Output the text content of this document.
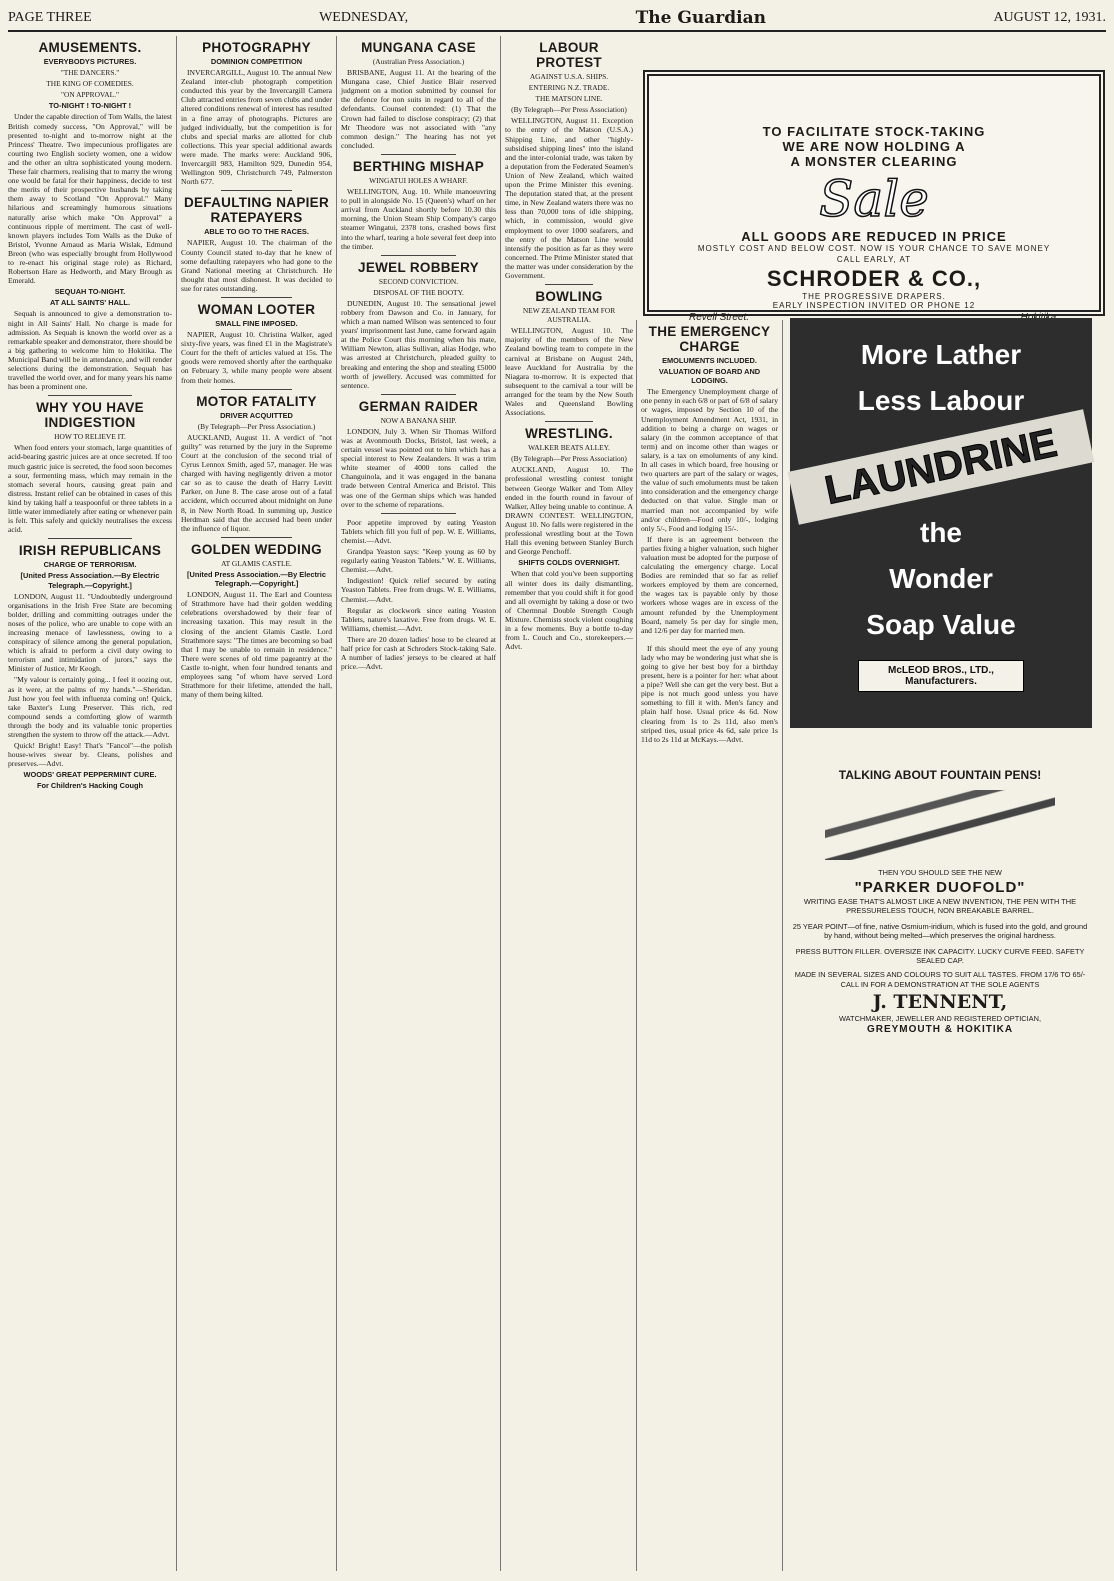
PAGE THREE	WEDNESDAY,	The Guardian	AUGUST 12, 1931.
AMUSEMENTS.
EVERYBODYS PICTURES.
"THE DANCERS."
THE KING OF COMEDIES.
"ON APPROVAL."
TO-NIGHT ! TO-NIGHT !

Under the capable direction of Tom Walls, the latest British comedy success, "On Approval," will be presented to-night and to-morrow night at the Princess' Theatre. Two impecunious profligates are courting two English society women, one a widow and the other an ultra sophisticated young modern. These fair charmers, realising that to marry the wrong one would be fatal for their happiness, decide to test the merits of their prospective husbands by taking them away to Scotland "On Approval." Many hilarious and screamingly humorous situations naturally arise which make "On Approval" a continuous ripple of merriment. The cast of well-known players includes Tom Walls as the Duke of Bristol, Yvonne Arnaud as Maria Wislak, Edmund Breon (who was especially brought from Hollywood to re-enact his original stage role) as Richard, Robertson Hare as Hedworth, and Mary Brough as Emerald.

SEQUAH TO-NIGHT.
AT ALL SAINTS' HALL.

Sequah is announced to give a demonstration to-night in All Saints' Hall. No charge is made for admission. As Sequah is known the world over as a remarkable speaker and demonstrator, there should be a big gathering to welcome him to Hokitika. The Municipal Band will be in attendance, and will render selections during the demonstration. Sequah has travelled the world over, and for many years his name has been a prominent one.

WHY YOU HAVE INDIGESTION
HOW TO RELIEVE IT.

When food enters your stomach, large quantities of acid-bearing gastric juices are at once secreted. If too much gastric juice is secreted, the food soon becomes a sour, fermenting mass, which may remain in the stomach several hours, causing great pain and distress. Instant relief can be obtained in cases of this kind by taking half a teaspoonful or three tablets in a little water immediately after eating or whenever pain is felt. This safely and quickly neutralises the excess acid.

IRISH REPUBLICANS
CHARGE OF TERRORISM.
[United Press Association.—By Electric Telegraph.—Copyright.]

LONDON, August 11. "Undoubtedly underground organisations in the Irish Free State are becoming bolder, drilling and committing outrages under the noses of the police, who are unable to cope with an increasing menace of lawlessness, owing to a conspiracy of silence among the general population, which is afraid to perform a civil duty owing to terrorism and intimidation of jurors," says the Minister of Justice, Mr Keogh.

"My valour is certainly going... I feel it oozing out, as it were, at the palms of my hands."—Sheridan. Just how you feel with influenza coming on! Quick, take Baxter's Lung Preserver. This rich, red compound sends a comforting glow of warmth through the body and its valuable tonic properties strengthen the system to throw off the attack.—Advt.

Quick! Bright! Easy! That's "Fancol"—the polish house-wives swear by. Cleans, polishes and preserves.—Advt.

WOODS' GREAT PEPPERMINT CURE.
For Children's Hacking Cough
PHOTOGRAPHY
DOMINION COMPETITION

INVERCARGILL, August 10. The annual New Zealand inter-club photograph competition conducted this year by the Invercargill Camera Club attracted entries from seven clubs and under altered conditions renewal of interest has resulted in a fine array of photographs. Pictures are judged individually, but the competition is for clubs and special marks are allotted for club collections. This year special additional awards were made. The marks were: Auckland 906, Invercargill 983, Hamilton 929, Dunedin 954, Wellington 909, Christchurch 749, Palmerston North 677.

DEFAULTING NAPIER RATEPAYERS
ABLE TO GO TO THE RACES.

NAPIER, August 10. The chairman of the County Council stated to-day that he knew of some defaulting ratepayers who had gone to the Grand National meeting at Christchurch. He thought that most dishonest. It was decided to sue for rates outstanding.

WOMAN LOOTER
SMALL FINE IMPOSED.

NAPIER, August 10. Christina Walker, aged sixty-five years, was fined £1 in the Magistrate's Court for the theft of articles valued at 15s. The goods were removed shortly after the earthquake on February 3, while many people were absent from their homes.

MOTOR FATALITY
DRIVER ACQUITTED
(By Telegraph—Per Press Association.)

AUCKLAND, August 11. A verdict of "not guilty" was returned by the jury in the Supreme Court at the conclusion of the second trial of Cyrus Lennox Smith, aged 57, manager. He was charged with having negligently driven a motor car so as to cause the death of Harry Levitt Parker, on June 8. The case arose out of a fatal accident, which occurred about midnight on June 8, in New North Road. In summing up, Justice Herdman said that the accused had been under the influence of liquor.

GOLDEN WEDDING
AT GLAMIS CASTLE.
[United Press Association.—By Electric Telegraph.—Copyright.]

LONDON, August 11. The Earl and Countess of Strathmore have had their golden wedding celebrations overshadowed by their fear of increasing taxation. This may result in the closing of the ancient Glamis Castle. Lord Strathmore says: "The times are becoming so bad that I may be unable to remain in residence." There were scenes of old time pageantry at the Castle to-night, when four hundred tenants and employees sang "of whom have served Lord Strathmore for their lifetime, attended the hall, many of them being kilted.

MUNGANA CASE
(Australian Press Association.)

BRISBANE, August 11. At the hearing of the Mungana case, Chief Justice Blair reserved judgment on a motion submitted by counsel for the defence for non suits in regard to all of the defendants. Counsel contended: (1) That the Crown had failed to disclose conspiracy; (2) that Mr Theodore was not associated with "any common design." The hearing has not yet concluded.

BERTHING MISHAP
WINGATUI HOLES A WHARF.

WELLINGTON, Aug. 10. While manoeuvring to pull in alongside No. 15 (Queen's) wharf on her arrival from Auckland shortly before 10.30 this morning, the Union Steam Ship Company's cargo steamer Wingatui, 2378 tons, crashed bows first into the wharf, tearing a hole several feet deep into the timber.

JEWEL ROBBERY
SECOND CONVICTION.
DISPOSAL OF THE BOOTY.

DUNEDIN, August 10. The sensational jewel robbery from Dawson and Co. in January, for which a man named Wilson was sentenced to four years' imprisonment last June, came forward again at the Police Court this morning when his mate, William Newton, alias Sullivan, alias Hodge, who was arrested at Christchurch, pleaded guilty to breaking and entering the shop and stealing £5000 worth of jewellery. Accused was committed for sentence.

GERMAN RAIDER
NOW A BANANA SHIP.

LONDON, July 3. When Sir Thomas Wilford was at Avonmouth Docks, Bristol, last week, a certain vessel was pointed out to him which has a special interest to New Zealanders. It was a trim white steamer of 4000 tons called the Changuinola, and it was engaged in the banana trade between Central America and Bristol. This was one of the German ships which was handed over to the scheme of reparations.

Poor appetite improved by eating Yeaston Tablets which fill you full of pep. W. E. Williams, chemist.—Advt.

Grandpa Yeaston says: "Keep young as 60 by regularly eating Yeaston Tablets." W. E. Williams, Chemist.—Advt.

Indigestion! Quick relief secured by eating Yeaston Tablets. Free from drugs. W. E. Williams, Chemist.—Advt.

Regular as clockwork since eating Yeaston Tablets, nature's laxative. Free from drugs. W. E. Williams, chemist.—Advt.

There are 20 dozen ladies' hose to be cleared at half price for cash at Schroders Stock-taking Sale. A number of ladies' jerseys to be cleared at half price.—Advt.

LABOUR PROTEST
AGAINST U.S.A. SHIPS.
ENTERING N.Z. TRADE.
THE MATSON LINE.
(By Telegraph—Per Press Association)

WELLINGTON, August 11. Exception to the entry of the Matson (U.S.A.) Shipping Line, and other "highly-subsidised shipping lines" into the island and the inter-colonial trade, was taken by a deputation from the Federated Seamen's Union of New Zealand, which waited upon the Prime Minister this evening. The deputation stated that, at the present time, in New Zealand waters there was no less than 70,000 tons of idle shipping, which, in commission, would give employment to over 1000 seafarers, and the entry of the Matson Line would intensify the position as far as they were concerned. The Prime Minister stated that the matter was under consideration by the Government.

BOWLING
NEW ZEALAND TEAM FOR AUSTRALIA.

WELLINGTON, August 10. The majority of the members of the New Zealand bowling team to compete in the carnival at Brisbane on August 24th, leave Auckland for Australia by the Niagara to-morrow. It is expected that subsequent to the carnival a tour will be arranged for the team by the New South Wales and Queensland Bowling Associations.

WRESTLING.
WALKER BEATS ALLEY.
(By Telegraph—Per Press Association)

AUCKLAND, August 10. The professional wrestling contest tonight between George Walker and Tom Alley ended in the fourth round in favour of Walker, Alley being unable to continue. A DRAWN CONTEST. WELLINGTON, August 10. No falls were registered in the professional wrestling bout at the Town Hall this evening between Stanley Burch and George Penchoff.

SHIFTS COLDS OVERNIGHT.

When that cold you've been supporting all winter does its daily dismantling, remember that you could shift it for good and all overnight by taking a dose or two of Chermnal Double Strength Cough Mixture. Chemists stock violent coughing in a few moments. Buy a bottle to-day from L. Couch and Co., storekeepers.—Advt.

THE EMERGENCY CHARGE
EMOLUMENTS INCLUDED.
VALUATION OF BOARD AND LODGING.

The Emergency Unemployment charge of one penny in each 6/8 or part of 6/8 of salary or wages, imposed by Section 10 of the Unemployment Amendment Act, 1931, in addition to being a charge on wages or salary (in the common acceptance of that term) and on income other than wages or salary, is a tax on emoluments of any kind. In all cases in which board, free housing or two quarters are part of the salary or wages, the value of such emoluments must be taken into consideration and the emergency charge deducted on that value. Single man or married man not accompanied by wife and/or children—Food only 10/-, lodging only 5/-, Food and lodging 15/-.

If there is an agreement between the parties fixing a higher valuation, such higher valuation must be adopted for the purpose of calculating the emergency charge. Local Bodies are reminded that so far as relief workers employed by them are concerned, the wages tax is payable only by those workers whose wages are in excess of the amount refunded by the Unemployment Board, namely 5s per day for single men, and 12/6 per day for married men.

If this should meet the eye of any young lady who may be wondering just what she is going to give her best boy for a birthday present, here is a pointer for her: what about a pipe? Well she can get the very best. But a pipe is not much good unless you have something to fill it with. Men's fancy and plain half hose. Usual price 4s 6d. Now clearing from 1s to 2s 11d, also men's striped ties, usual price 4s 6d, sale price 1s 11d to 2s 11d at McKays.—Advt.

TO FACILITATE STOCK-TAKING
WE ARE NOW HOLDING A
A MONSTER CLEARING
Sale
ALL GOODS ARE REDUCED IN PRICE
MOSTLY COST AND BELOW COST. NOW IS YOUR CHANCE TO SAVE MONEY
CALL EARLY, AT
SCHRODER & CO.,
THE PROGRESSIVE DRAPERS.
EARLY INSPECTION INVITED OR PHONE 12
Revell Street.
More Lather
Less Labour
LAUNDRINE
the
Wonder
Soap Value
McLEOD BROS., LTD., Manufacturers.
TALKING ABOUT FOUNTAIN PENS!
THEN YOU SHOULD SEE THE NEW
"PARKER DUOFOLD"
WRITING EASE THAT'S ALMOST LIKE A NEW INVENTION, THE PEN WITH THE PRESSURELESS TOUCH, NON BREAKABLE BARREL.
25 YEAR POINT—of fine, native Osmium-iridium, which is fused into the gold, and ground by hand, without being melted—which preserves the original hardness.
PRESS BUTTON FILLER. OVERSIZE INK CAPACITY. LUCKY CURVE FEED. SAFETY SEALED CAP.
MADE IN SEVERAL SIZES AND COLOURS TO SUIT ALL TASTES. FROM 17/6 TO 65/-
CALL IN FOR A DEMONSTRATION AT THE SOLE AGENTS
J. TENNENT,
WATCHMAKER, JEWELLER AND REGISTERED OPTICIAN,
GREYMOUTH & HOKITIKA
